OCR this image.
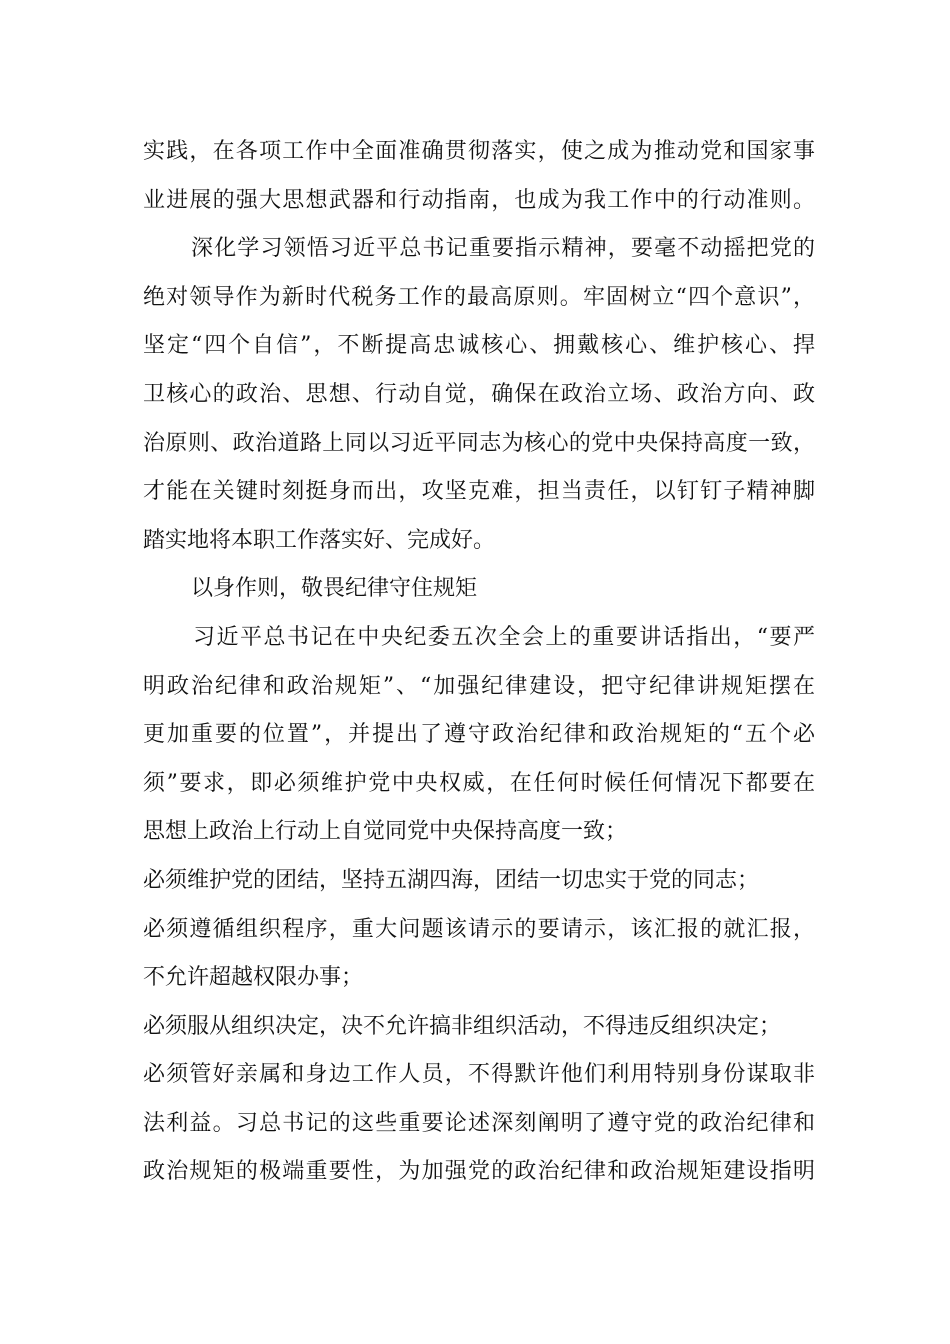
实践，在各项工作中全面准确贯彻落实，使之成为推动党和国家事
业进展的强大思想武器和行动指南，也成为我工作中的行动准则。
深化学习领悟习近平总书记重要指示精神，要毫不动摇把党的
绝对领导作为新时代税务工作的最高原则。牢固树立“四个意识”，
坚定“四个自信”，不断提高忠诚核心、拥戴核心、维护核心、捍
卫核心的政治、思想、行动自觉，确保在政治立场、政治方向、政
治原则、政治道路上同以习近平同志为核心的党中央保持高度一致，
才能在关键时刻挺身而出，攻坚克难，担当责任，以钉钉子精神脚
踏实地将本职工作落实好、完成好。
以身作则，敬畏纪律守住规矩
习近平总书记在中央纪委五次全会上的重要讲话指出，“要严
明政治纪律和政治规矩”、“加强纪律建设，把守纪律讲规矩摆在
更加重要的位置”，并提出了遵守政治纪律和政治规矩的“五个必
须”要求，即必须维护党中央权威，在任何时候任何情况下都要在
思想上政治上行动上自觉同党中央保持高度一致；
必须维护党的团结，坚持五湖四海，团结一切忠实于党的同志；
必须遵循组织程序，重大问题该请示的要请示，该汇报的就汇报，
不允许超越权限办事；
必须服从组织决定，决不允许搞非组织活动，不得违反组织决定；
必须管好亲属和身边工作人员，不得默许他们利用特别身份谋取非
法利益。习总书记的这些重要论述深刻阐明了遵守党的政治纪律和
政治规矩的极端重要性，为加强党的政治纪律和政治规矩建设指明
